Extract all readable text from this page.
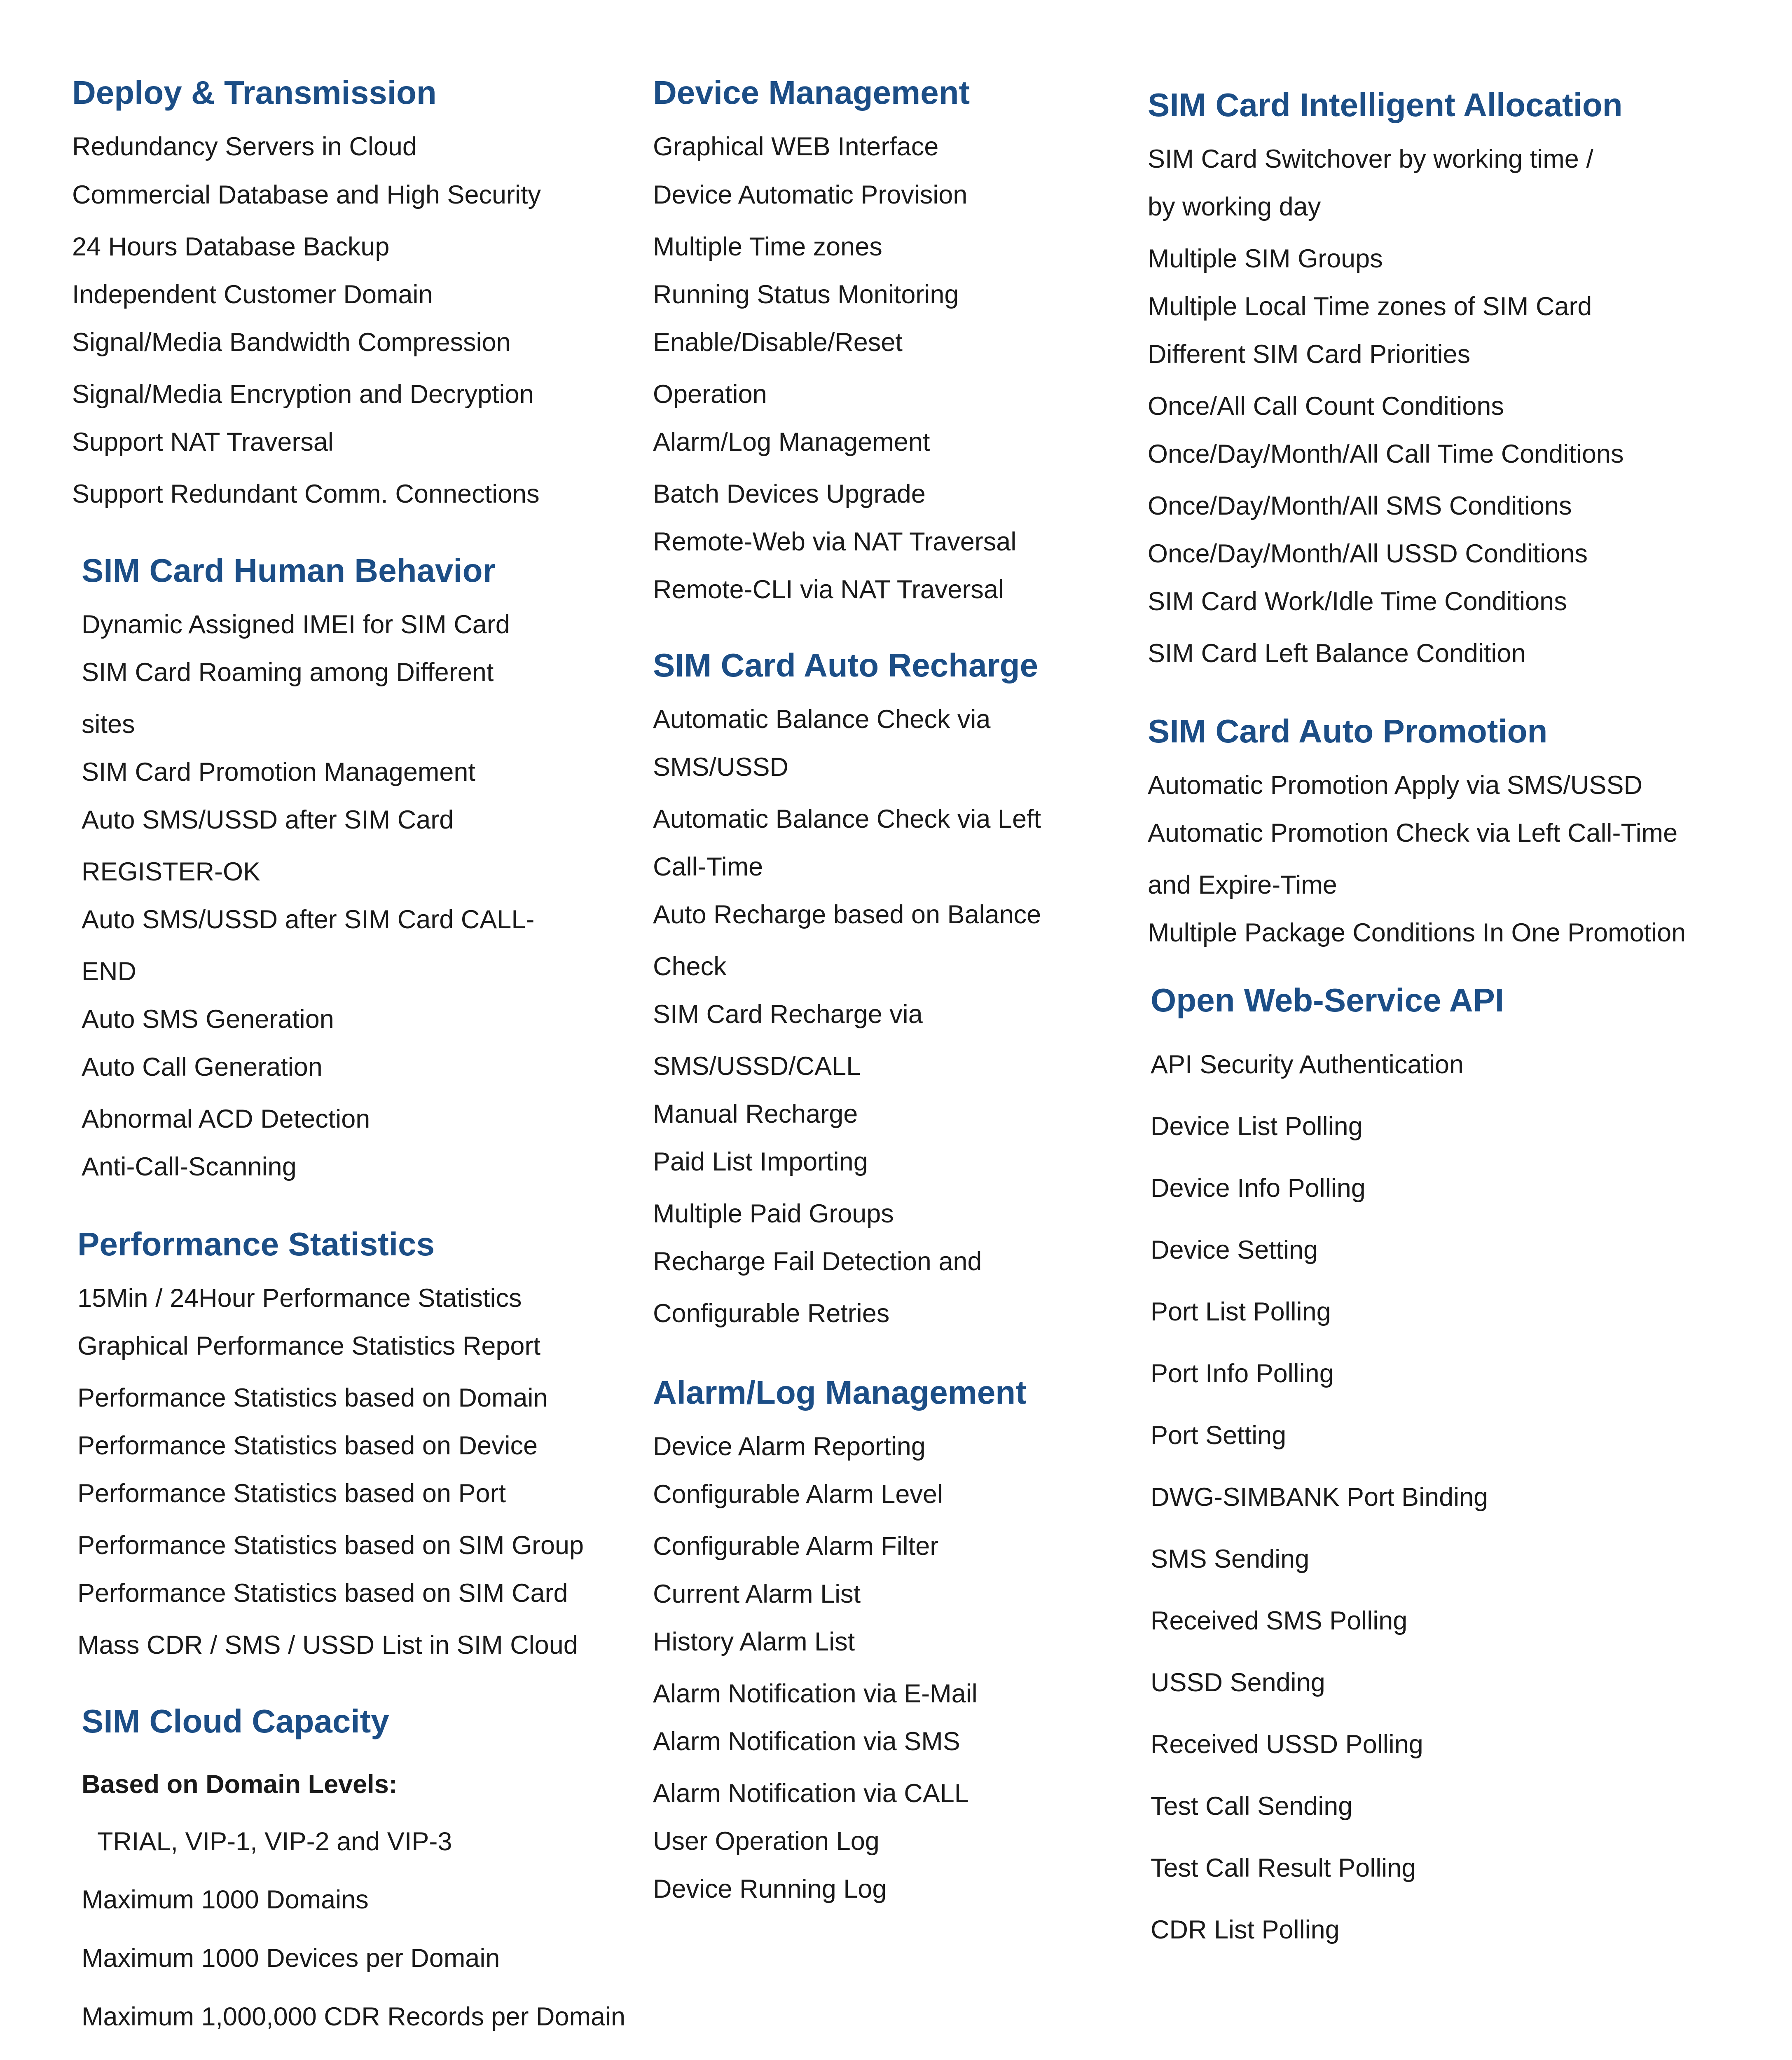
Deploy & Transmission
Redundancy Servers in Cloud
Commercial Database and High Security
24 Hours Database Backup
Independent Customer Domain
Signal/Media Bandwidth Compression
Signal/Media Encryption and Decryption
Support NAT Traversal
Support Redundant Comm. Connections
SIM Card Human Behavior
Dynamic Assigned IMEI for SIM Card
SIM Card Roaming among Different
sites
SIM Card Promotion Management
Auto SMS/USSD after SIM Card
REGISTER-OK
Auto SMS/USSD after SIM Card CALL-
END
Auto SMS Generation
Auto Call Generation
Abnormal ACD Detection
Anti-Call-Scanning
Performance Statistics
15Min / 24Hour Performance Statistics
Graphical Performance Statistics Report
Performance Statistics based on Domain
Performance Statistics based on Device
Performance Statistics based on Port
Performance Statistics based on SIM Group
Performance Statistics based on SIM Card
Mass CDR / SMS / USSD List in SIM Cloud
SIM Cloud Capacity
Based on Domain Levels:
TRIAL, VIP-1, VIP-2 and VIP-3
Maximum 1000 Domains
Maximum 1000 Devices per Domain
Maximum 1,000,000 CDR Records per Domain
Device Management
Graphical WEB Interface
Device Automatic Provision
Multiple Time zones
Running Status Monitoring
Enable/Disable/Reset
Operation
Alarm/Log Management
Batch Devices Upgrade
Remote-Web via NAT Traversal
Remote-CLI via NAT Traversal
SIM Card Auto Recharge
Automatic Balance Check via
SMS/USSD
Automatic Balance Check via Left
Call-Time
Auto Recharge based on Balance
Check
SIM Card Recharge via
SMS/USSD/CALL
Manual Recharge
Paid List Importing
Multiple Paid Groups
Recharge Fail Detection and
Configurable Retries
Alarm/Log Management
Device Alarm Reporting
Configurable Alarm Level
Configurable Alarm Filter
Current Alarm List
History Alarm List
Alarm Notification via E-Mail
Alarm Notification via SMS
Alarm Notification via CALL
User Operation Log
Device Running Log
SIM Card Intelligent Allocation
SIM Card Switchover by working time /
by working day
Multiple SIM Groups
Multiple Local Time zones of SIM Card
Different SIM Card Priorities
Once/All Call Count Conditions
Once/Day/Month/All Call Time Conditions
Once/Day/Month/All SMS Conditions
Once/Day/Month/All USSD Conditions
SIM Card Work/Idle Time Conditions
SIM Card Left Balance Condition
SIM Card Auto Promotion
Automatic Promotion Apply via SMS/USSD
Automatic Promotion Check via Left Call-Time
and Expire-Time
Multiple Package Conditions In One Promotion
Open Web-Service API
API Security Authentication
Device List Polling
Device Info Polling
Device Setting
Port List Polling
Port Info Polling
Port Setting
DWG-SIMBANK Port Binding
SMS Sending
Received SMS Polling
USSD Sending
Received USSD Polling
Test Call Sending
Test Call Result Polling
CDR List Polling
